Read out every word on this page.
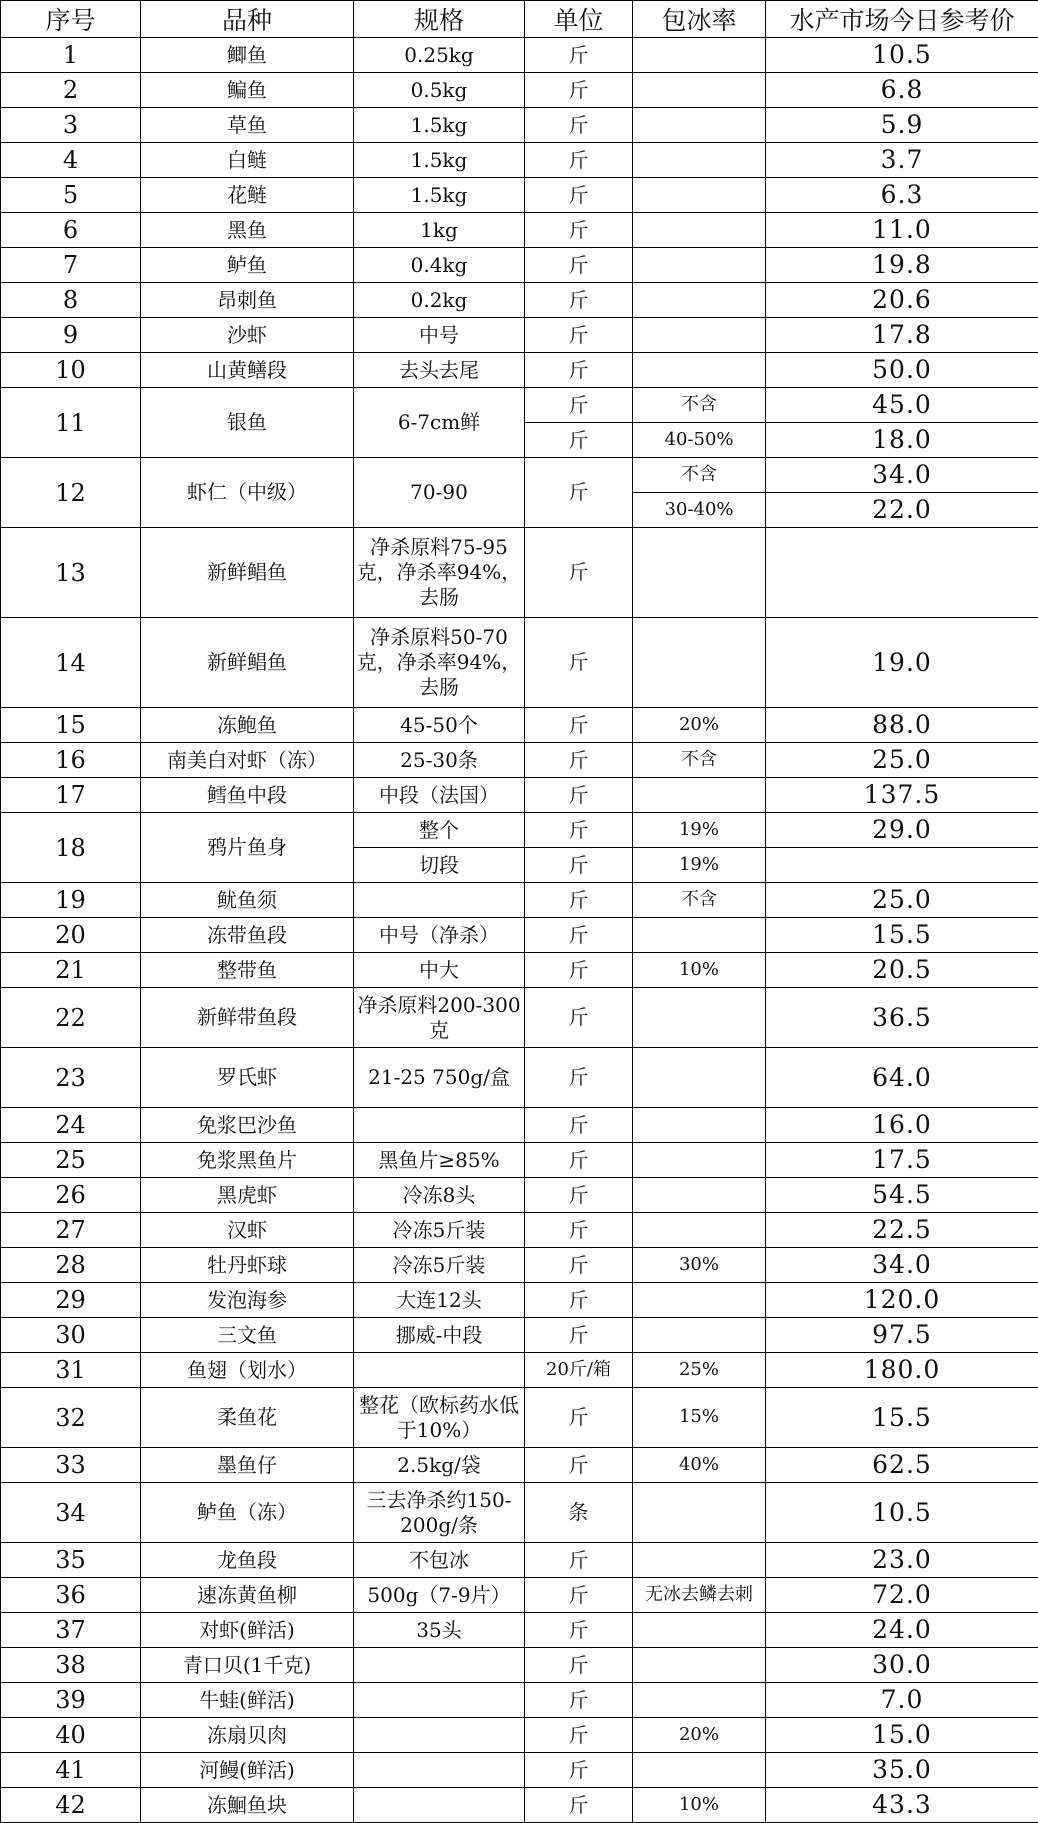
序号	品种	规格	单位	包冰率	水产市场今日参考价
1	鲫鱼	0.25kg	斤		10.5
2	鳊鱼	0.5kg	斤		6.8
3	草鱼	1.5kg	斤		5.9
4	白鲢	1.5kg	斤		3.7
5	花鲢	1.5kg	斤		6.3
6	黑鱼	1kg	斤		11.0
7	鲈鱼	0.4kg	斤		19.8
8	昂刺鱼	0.2kg	斤		20.6
9	沙虾	中号	斤		17.8
10	山黄鳝段	去头去尾	斤		50.0
11	银鱼	6-7cm鲜	斤	不含	45.0
			斤	40-50%	18.0
12	虾仁（中级）	70-90	斤	不含	34.0
				30-40%	22.0
13	新鲜鲳鱼	净杀原料75-95克，净杀率94%，去肠	斤		
14	新鲜鲳鱼	净杀原料50-70克，净杀率94%，去肠	斤		19.0
15	冻鲍鱼	45-50个	斤	20%	88.0
16	南美白对虾（冻）	25-30条	斤	不含	25.0
17	鳕鱼中段	中段（法国）	斤		137.5
18	鸦片鱼身	整个	斤	19%	29.0
		切段	斤	19%	
19	鱿鱼须		斤	不含	25.0
20	冻带鱼段	中号（净杀）	斤		15.5
21	整带鱼	中大	斤	10%	20.5
22	新鲜带鱼段	净杀原料200-300克	斤		36.5
23	罗氏虾	21-25 750g/盒	斤		64.0
24	免浆巴沙鱼		斤		16.0
25	免浆黑鱼片	黑鱼片≥85%	斤		17.5
26	黑虎虾	冷冻8头	斤		54.5
27	汉虾	冷冻5斤装	斤		22.5
28	牡丹虾球	冷冻5斤装	斤	30%	34.0
29	发泡海参	大连12头	斤		120.0
30	三文鱼	挪威-中段	斤		97.5
31	鱼翅（划水）		20斤/箱	25%	180.0
32	柔鱼花	整花（欧标药水低于10%）	斤	15%	15.5
33	墨鱼仔	2.5kg/袋	斤	40%	62.5
34	鲈鱼（冻）	三去净杀约150-200g/条	条		10.5
35	龙鱼段	不包冰	斤		23.0
36	速冻黄鱼柳	500g（7-9片）	斤	无冰去鳞去刺	72.0
37	对虾(鲜活)	35头	斤		24.0
38	青口贝(1千克)		斤		30.0
39	牛蛙(鲜活)		斤		7.0
40	冻扇贝肉		斤	20%	15.0
41	河鳗(鲜活)		斤		35.0
42	冻鮰鱼块		斤	10%	43.3
